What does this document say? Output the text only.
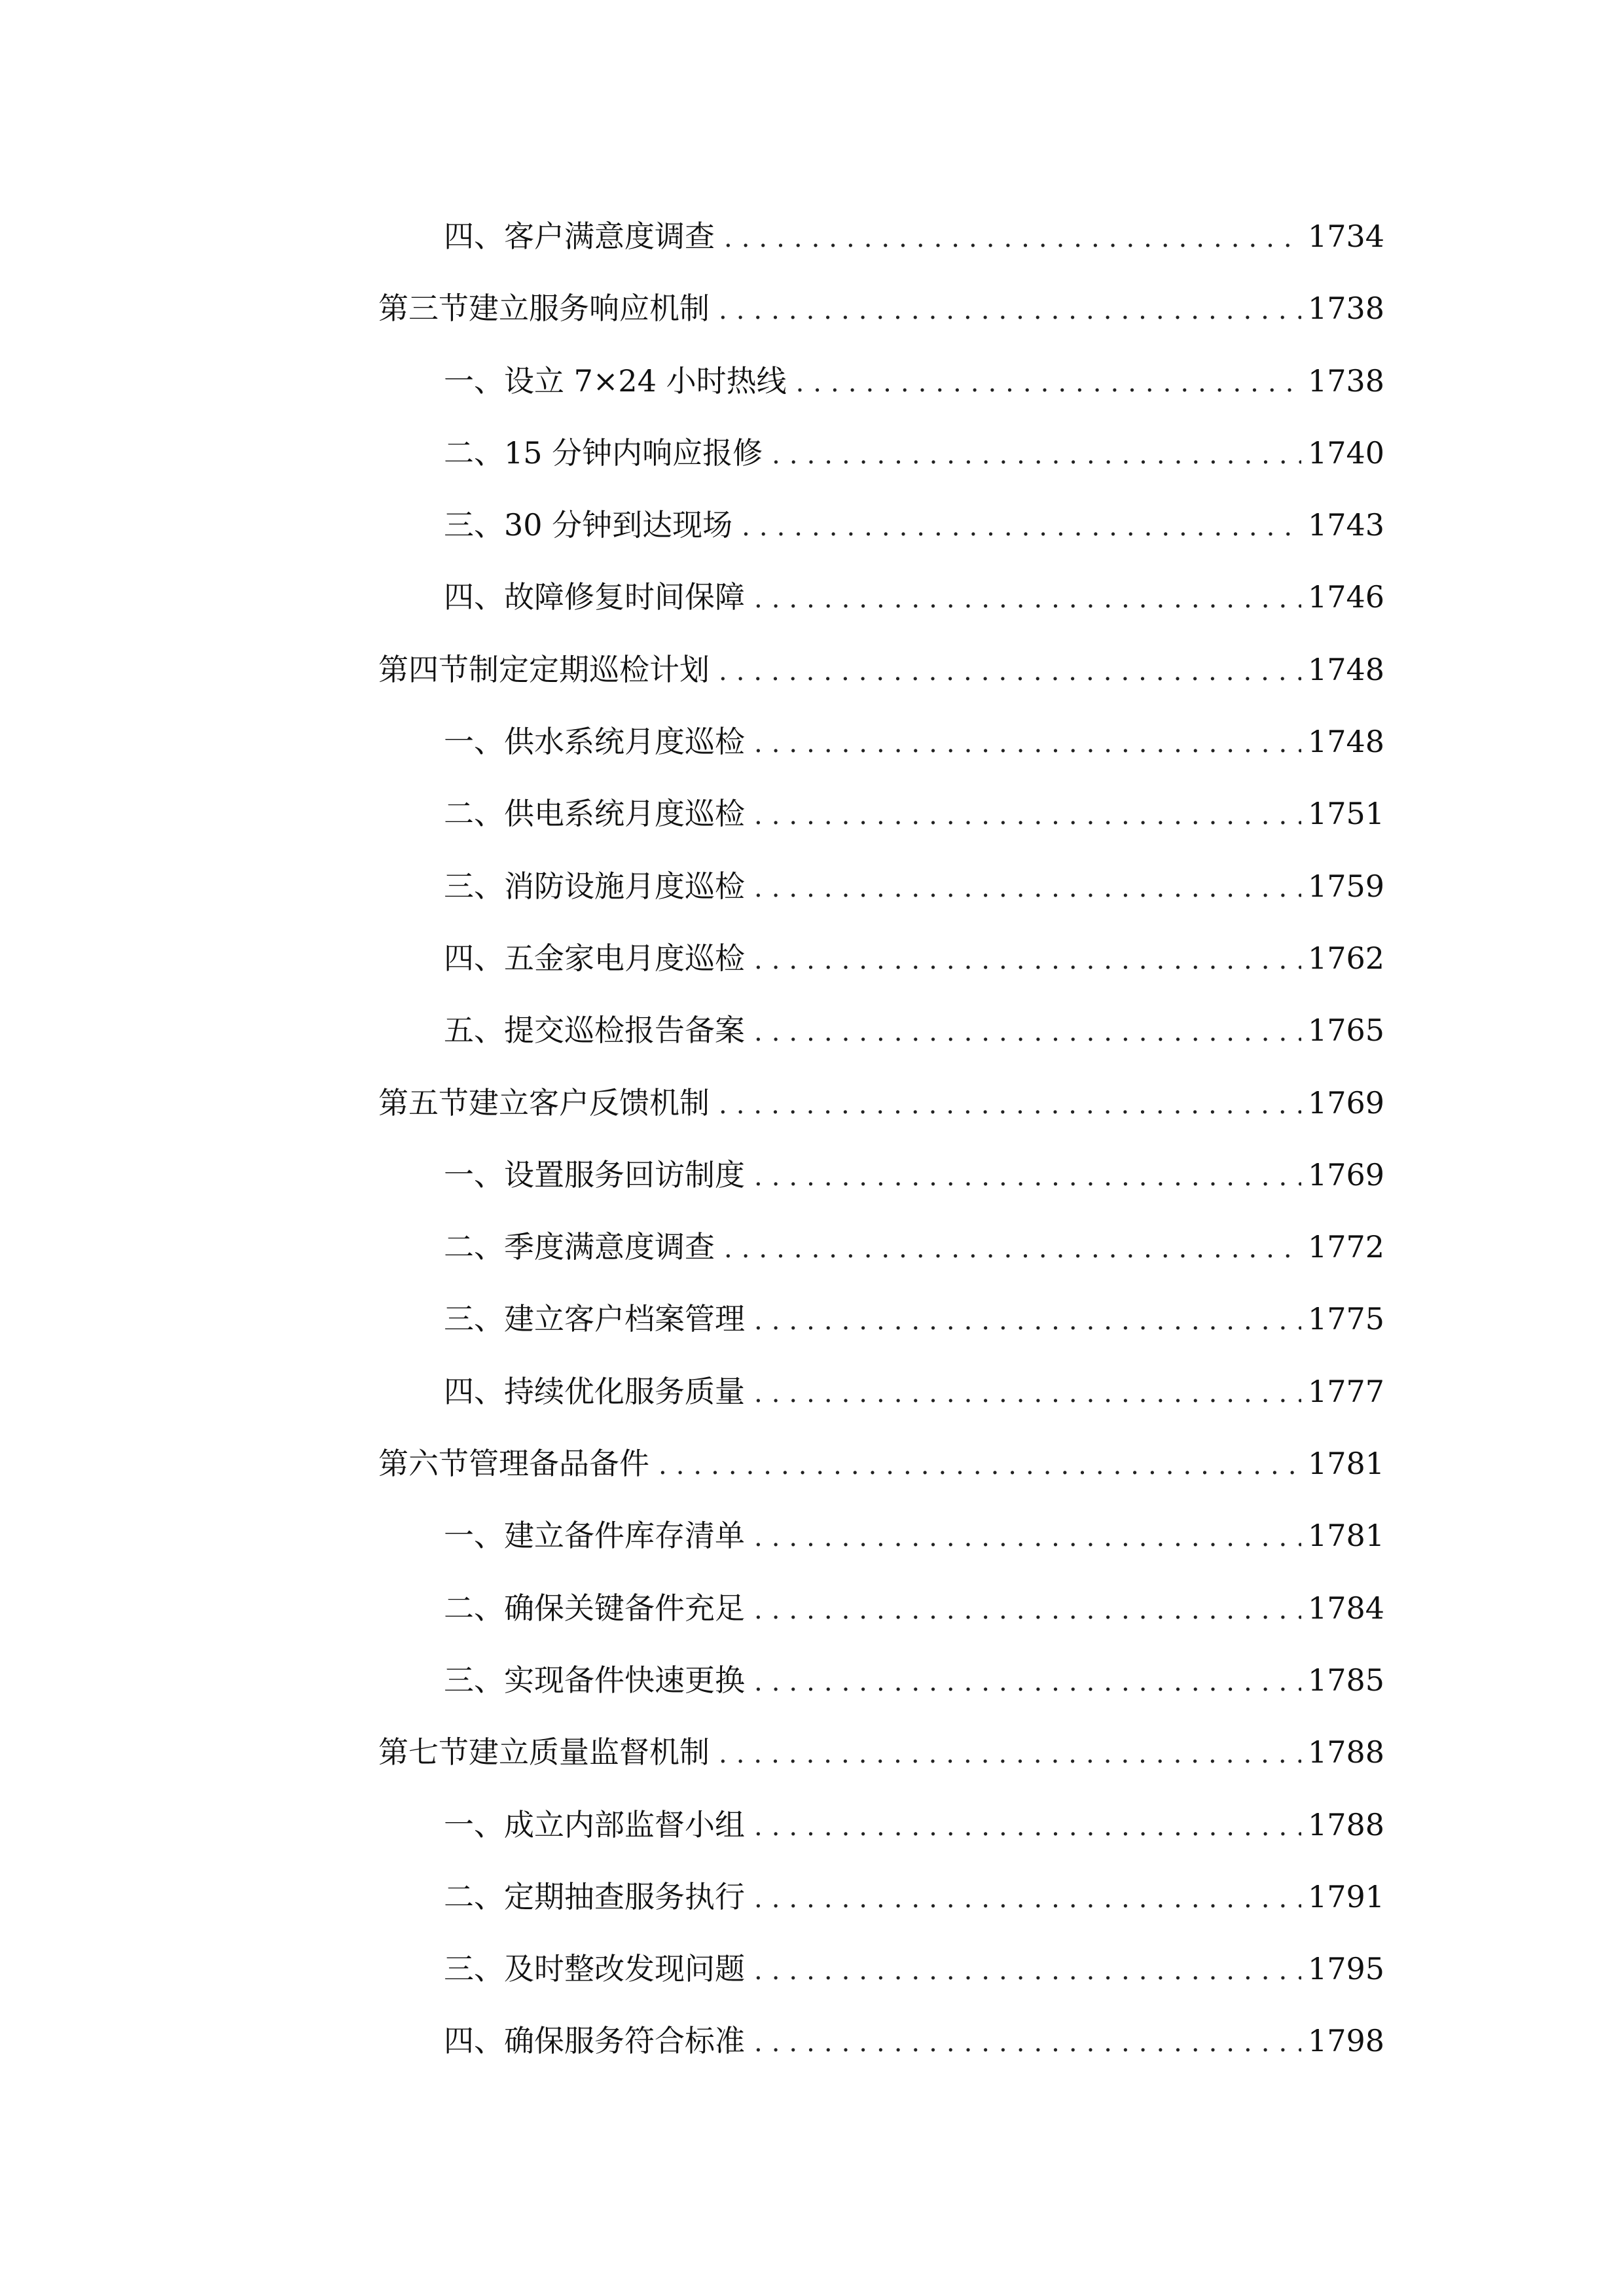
四、 客户满意度调查 .....	1734
第三节 建立服务响应机制 .....	1738
一、 设立 7×24 小时热线 .....	1738
二、 15 分钟内响应报修 .....	1740
三、 30 分钟到达现场 .....	1743
四、 故障修复时间保障 .....	1746
第四节 制定定期巡检计划 .....	1748
一、 供水系统月度巡检 .....	1748
二、 供电系统月度巡检 .....	1751
三、 消防设施月度巡检 .....	1759
四、 五金家电月度巡检 .....	1762
五、 提交巡检报告备案 .....	1765
第五节 建立客户反馈机制 .....	1769
一、 设置服务回访制度 .....	1769
二、 季度满意度调查 .....	1772
三、 建立客户档案管理 .....	1775
四、 持续优化服务质量 .....	1777
第六节 管理备品备件 .....	1781
一、 建立备件库存清单 .....	1781
二、 确保关键备件充足 .....	1784
三、 实现备件快速更换 .....	1785
第七节 建立质量监督机制 .....	1788
一、 成立内部监督小组 .....	1788
二、 定期抽查服务执行 .....	1791
三、 及时整改发现问题 .....	1795
四、 确保服务符合标准 .....	1798
